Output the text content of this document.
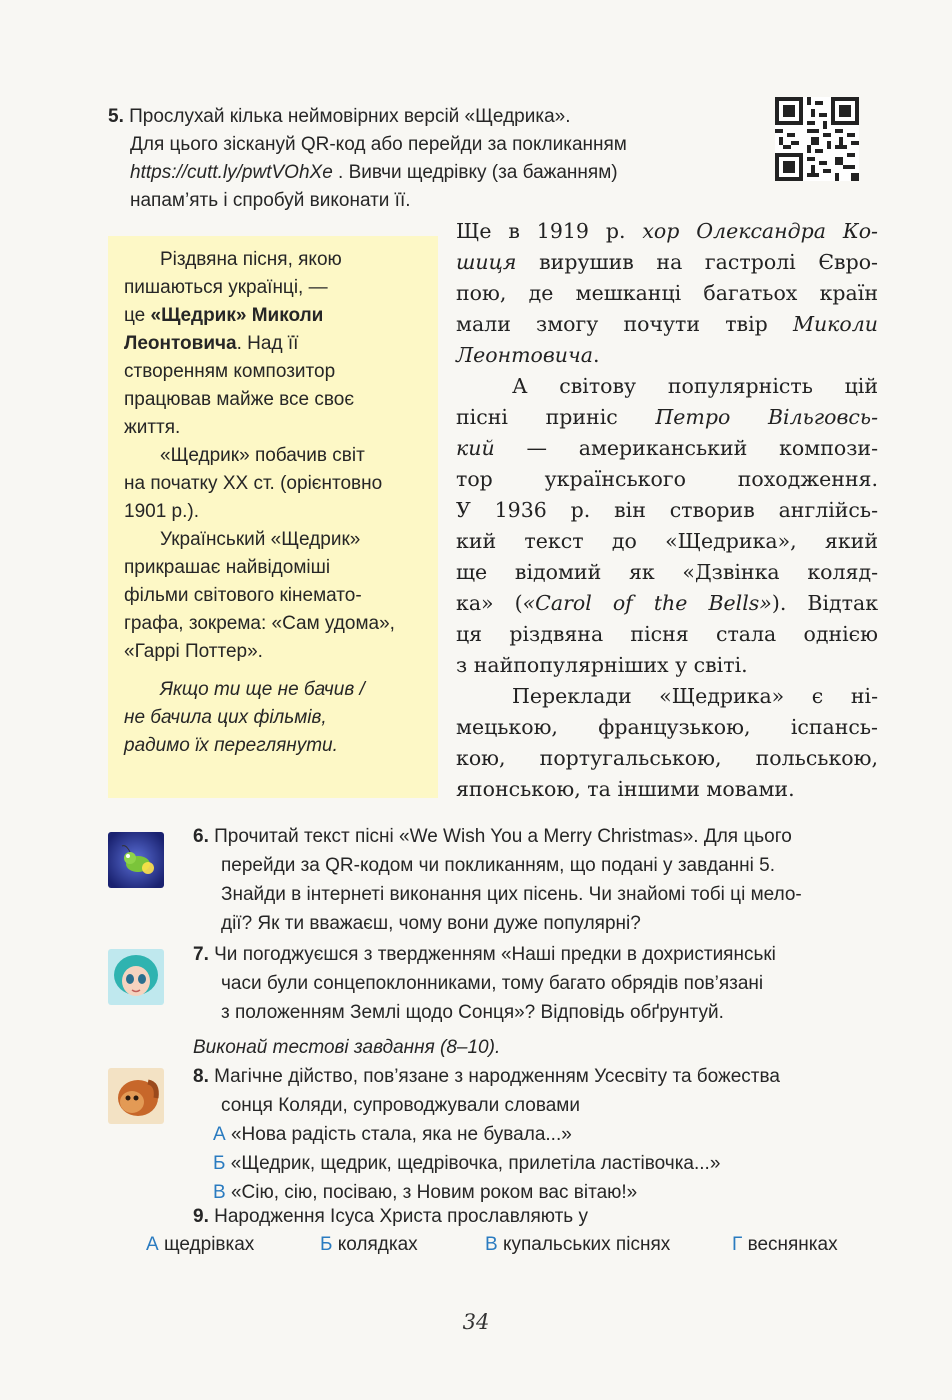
5. Прослухай кілька неймовірних версій «Щедрика».
Для цього зіскануй QR-код або перейди за покликанням
https://cutt.ly/pwtVOhXe . Вивчи щедрівку (за бажанням)
напам’ять і спробуй виконати її.
Різдвяна пісня, якою
пишаються українці, —
це «Щедрик» Миколи
Леонтовича. Над її
створенням композитор
працював майже все своє
життя.
«Щедрик» побачив світ
на початку ХХ ст. (орієнтовно
1901 р.).
Український «Щедрик»
прикрашає найвідоміші
фільми світового кінемато-
графа, зокрема: «Сам удома»,
«Гаррі Поттер».
Якщо ти ще не бачив /
не бачила цих фільмів,
радимо їх переглянути.
Ще в 1919 р. хор Олександра Ко-
шиця вирушив на гастролі Євро-
пою, де мешканці багатьох країн
мали змогу почути твір Миколи
Леонтовича.
А світову популярність цій
пісні приніс Петро Вільговсь-
кий — американський компози-
тор українського походження.
У 1936 р. він створив англійсь-
кий текст до «Щедрика», який
ще відомий як «Дзвінка коляд-
ка» («Carol of the Bells»). Відтак
ця різдвяна пісня стала однією
з найпопулярніших у світі.
Переклади «Щедрика» є ні-
мецькою, французькою, іспансь-
кою, португальською, польською,
японською, та іншими мовами.
6. Прочитай текст пісні «We Wish You a Merry Christmas». Для цього
перейди за QR-кодом чи покликанням, що подані у завданні 5.
Знайди в інтернеті виконання цих пісень. Чи знайомі тобі ці мело-
дії? Як ти вважаєш, чому вони дуже популярні?
7. Чи погоджуєшся з твердженням «Наші предки в дохристиянські
часи були сонцепоклонниками, тому багато обрядів пов’язані
з положенням Землі щодо Сонця»? Відповідь обґрунтуй.
Виконай тестові завдання (8–10).
8. Магічне дійство, пов’язане з народженням Усесвіту та божества
сонця Коляди, супроводжували словами
А «Нова радість стала, яка не бувала...»
Б «Щедрик, щедрик, щедрівочка, прилетіла ластівочка...»
В «Сію, сію, посіваю, з Новим роком вас вітаю!»
9. Народження Ісуса Христа прославляють у
А щедрівках	Б колядках	В купальських піснях	Г веснянках
34
